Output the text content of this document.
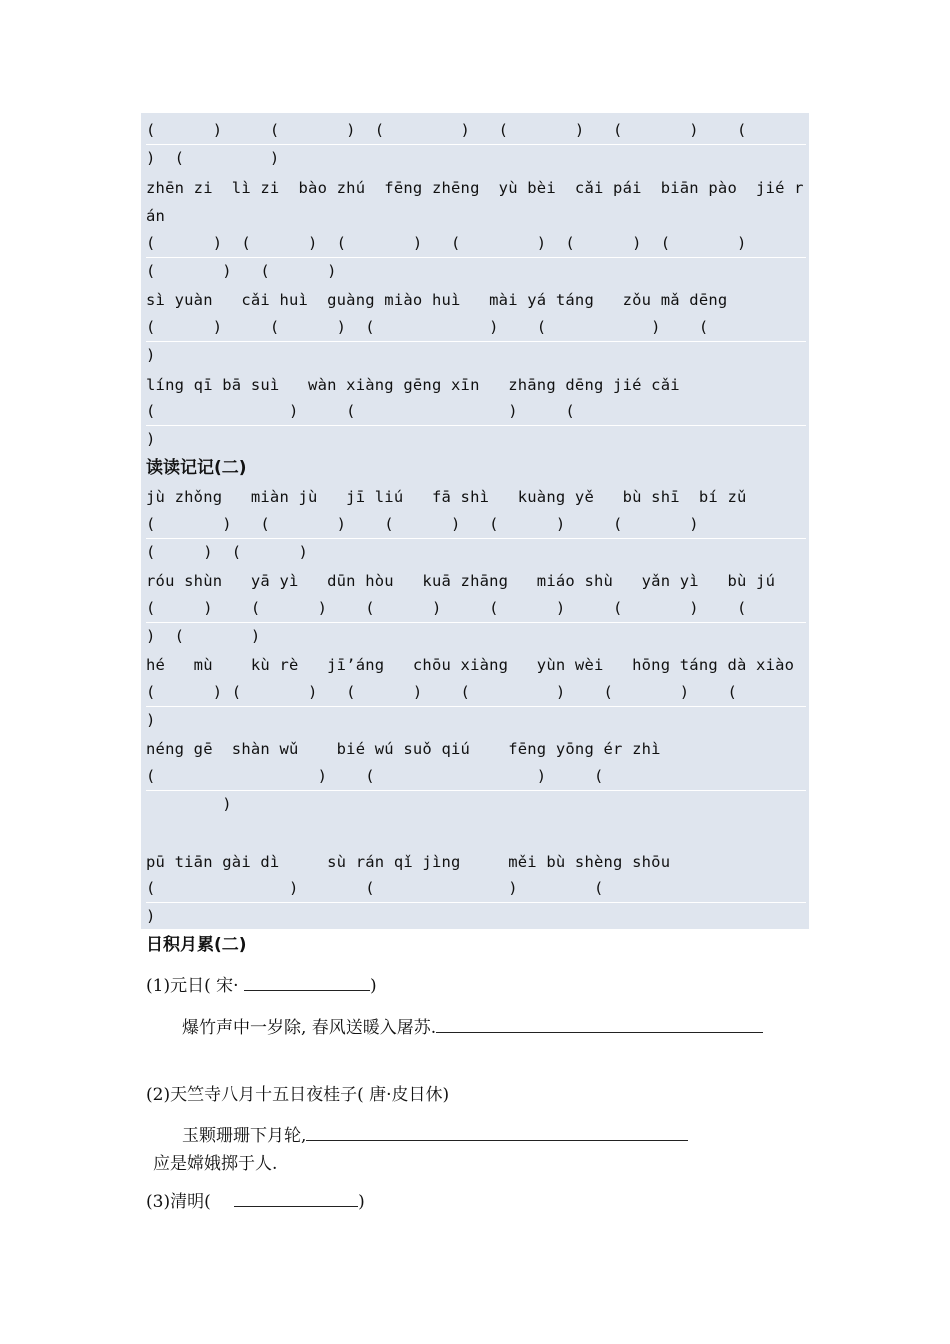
(      )     (       )  (        )   (       )   (       )    (
)  (         )
zhēn zi  lì zi  bào zhú  fēng zhēng  yù bèi  cǎi pái  biān pào  jié r
án
(      )  (      )  (       )   (        )  (      )  (       )
(       )   (      )
sì yuàn   cǎi huì  guàng miào huì   mài yá táng   zǒu mǎ dēng
(      )     (      )  (            )    (           )    (
)
líng qī bā suì   wàn xiàng gēng xīn   zhāng dēng jié cǎi
(              )     (                )     (
)
读读记记(二)
jù zhǒng   miàn jù   jī liú   fā shì   kuàng yě   bù shī  bí zǔ
(       )   (       )    (      )   (      )     (       )
(     )  (      )
róu shùn   yā yì   dūn hòu   kuā zhāng   miáo shù   yǎn yì   bù jú
(     )    (      )    (      )     (      )     (       )    (
)  (       )
hé   mù    kù rè   jī’áng   chōu xiàng   yùn wèi   hōng táng dà xiào
(      ) (       )   (      )    (         )    (       )    (
)
néng gē  shàn wǔ    bié wú suǒ qiú    fēng yōng ér zhì
(                 )    (                 )     (
)
pū tiān gài dì     sù rán qǐ jìng     měi bù shèng shōu
(              )       (              )        (
)
日积月累(二)
(1)元日( 宋·	)
爆竹声中一岁除, 春风送暖入屠苏.
(2)天竺寺八月十五日夜桂子( 唐·皮日休)
玉颗珊珊下月轮,
应是嫦娥掷于人.
(3)清明(	)
